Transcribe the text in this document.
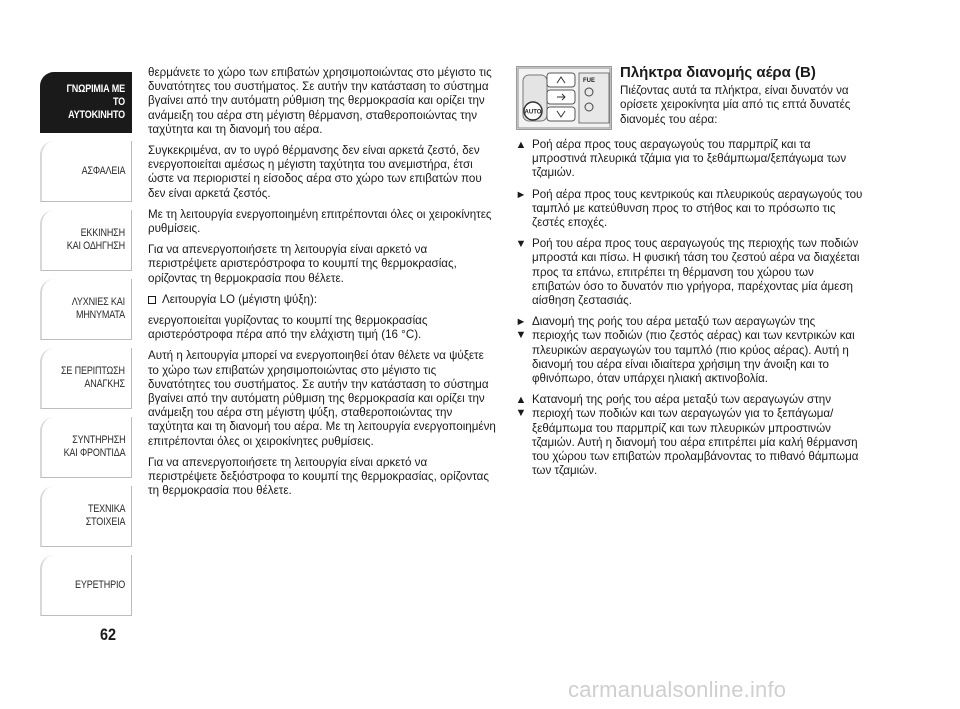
ΓΝΩΡΙΜΙΑ ΜΕ
ΤΟ ΑΥΤΟΚΙΝΗΤΟ
ΑΣΦΑΛΕΙΑ
ΕΚΚΙΝΗΣΗ
ΚΑΙ ΟΔΗΓΗΣΗ
ΛΥΧΝΙΕΣ ΚΑΙ
ΜΗΝΥΜΑΤΑ
ΣΕ ΠΕΡΙΠΤΩΣΗ
ΑΝΑΓΚΗΣ
ΣΥΝΤΗΡΗΣΗ
ΚΑΙ ΦΡΟΝΤΙΔΑ
ΤΕΧΝΙΚΑ
ΣΤΟΙΧΕΙΑ
ΕΥΡΕΤΗΡΙΟ
62

θερμάνετε το χώρο των επιβατών χρησιμοποιώντας στο μέγιστο τις δυνατότητες του συστήματος. Σε αυτήν την κατάσταση το σύστημα βγαίνει από την αυτόματη ρύθμιση της θερμοκρασία και ορίζει την ανάμειξη του αέρα στη μέγιστη θέρμανση, σταθεροποιώντας την ταχύτητα και τη διανομή του αέρα.

Συγκεκριμένα, αν το υγρό θέρμανσης δεν είναι αρκετά ζεστό, δεν ενεργοποιείται αμέσως η μέγιστη ταχύτητα του ανεμιστήρα, έτσι ώστε να περιοριστεί η είσοδος αέρα στο χώρο των επιβατών που δεν είναι αρκετά ζεστός.

Με τη λειτουργία ενεργοποιημένη επιτρέπονται όλες οι χειροκίνητες ρυθμίσεις.

Για να απενεργοποιήσετε τη λειτουργία είναι αρκετό να περιστρέψετε αριστερόστροφα το κουμπί της θερμοκρασίας, ορίζοντας τη θερμοκρασία που θέλετε.

Λειτουργία LO (μέγιστη ψύξη):

ενεργοποιείται γυρίζοντας το κουμπί της θερμοκρασίας αριστερόστροφα πέρα από την ελάχιστη τιμή (16 °C).

Αυτή η λειτουργία μπορεί να ενεργοποιηθεί όταν θέλετε να ψύξετε το χώρο των επιβατών χρησιμοποιώντας στο μέγιστο τις δυνατότητες του συστήματος. Σε αυτήν την κατάσταση το σύστημα βγαίνει από την αυτόματη ρύθμιση της θερμοκρασία και ορίζει την ανάμειξη του αέρα στη μέγιστη ψύξη, σταθεροποιώντας την ταχύτητα και τη διανομή του αέρα. Με τη λειτουργία ενεργοποιημένη επιτρέπονται όλες οι χειροκίνητες ρυθμίσεις.

Για να απενεργοποιήσετε τη λειτουργία είναι αρκετό να περιστρέψετε δεξιόστροφα το κουμπί της θερμοκρασίας, ορίζοντας τη θερμοκρασία που θέλετε.

AUTO
FUE Πλήκτρα διανομής αέρα (B)

Πιέζοντας αυτά τα πλήκτρα, είναι δυνατόν να ορίσετε χειροκίνητα μία από τις επτά δυνατές διανομές του αέρα:

▲ Ροή αέρα προς τους αεραγωγούς του παρμπρίζ και τα μπροστινά πλευρικά τζάμια για το ξεθάμπωμα/ξεπάγωμα των τζαμιών.
► Ροή αέρα προς τους κεντρικούς και πλευρικούς αεραγωγούς του ταμπλό με κατεύθυνση προς το στήθος και το πρόσωπο τις ζεστές εποχές.
▼ Ροή του αέρα προς τους αεραγωγούς της περιοχής των ποδιών μπροστά και πίσω. Η φυσική τάση του ζεστού αέρα να διαχέεται προς τα επάνω, επιτρέπει τη θέρμανση του χώρου των επιβατών όσο το δυνατόν πιο γρήγορα, παρέχοντας μία άμεση αίσθηση ζεστασιάς.
►
▼
Διανομή της ροής του αέρα μεταξύ των αεραγωγών της περιοχής των ποδιών (πιο ζεστός αέρας) και των κεντρικών και πλευρικών αεραγωγών του ταμπλό (πιο κρύος αέρας). Αυτή η διανομή του αέρα είναι ιδιαίτερα χρήσιμη την άνοιξη και το φθινόπωρο, όταν υπάρχει ηλιακή ακτινοβολία.
▲
▼
Κατανομή της ροής του αέρα μεταξύ των αεραγωγών στην περιοχή των ποδιών και των αεραγωγών για το ξεπάγωμα/ξεθάμπωμα του παρμπρίζ και των πλευρικών μπροστινών τζαμιών. Αυτή η διανομή του αέρα επιτρέπει μία καλή θέρμανση του χώρου των επιβατών προλαμβάνοντας το πιθανό θάμπωμα των τζαμιών.
carmanualsonline.info
